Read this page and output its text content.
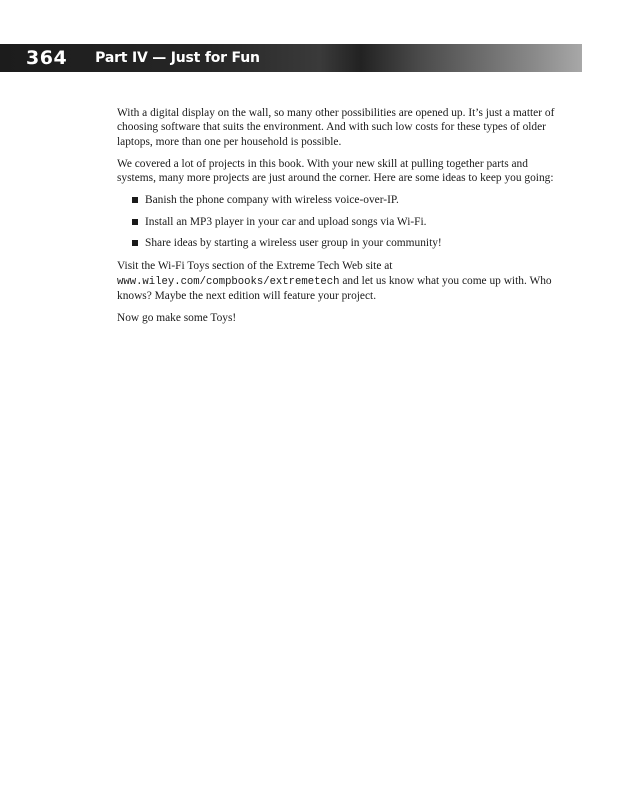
364 Part IV — Just for Fun

With a digital display on the wall, so many other possibilities are opened up. It’s just a matter of choosing software that suits the environment. And with such low costs for these types of older laptops, more than one per household is possible.

We covered a lot of projects in this book. With your new skill at pulling together parts and systems, many more projects are just around the corner. Here are some ideas to keep you going:

Banish the phone company with wireless voice-over-IP.
Install an MP3 player in your car and upload songs via Wi-Fi.
Share ideas by starting a wireless user group in your community!

Visit the Wi-Fi Toys section of the Extreme Tech Web site at www.wiley.com/compbooks/extremetech and let us know what you come up with. Who knows? Maybe the next edition will feature your project.

Now go make some Toys!
